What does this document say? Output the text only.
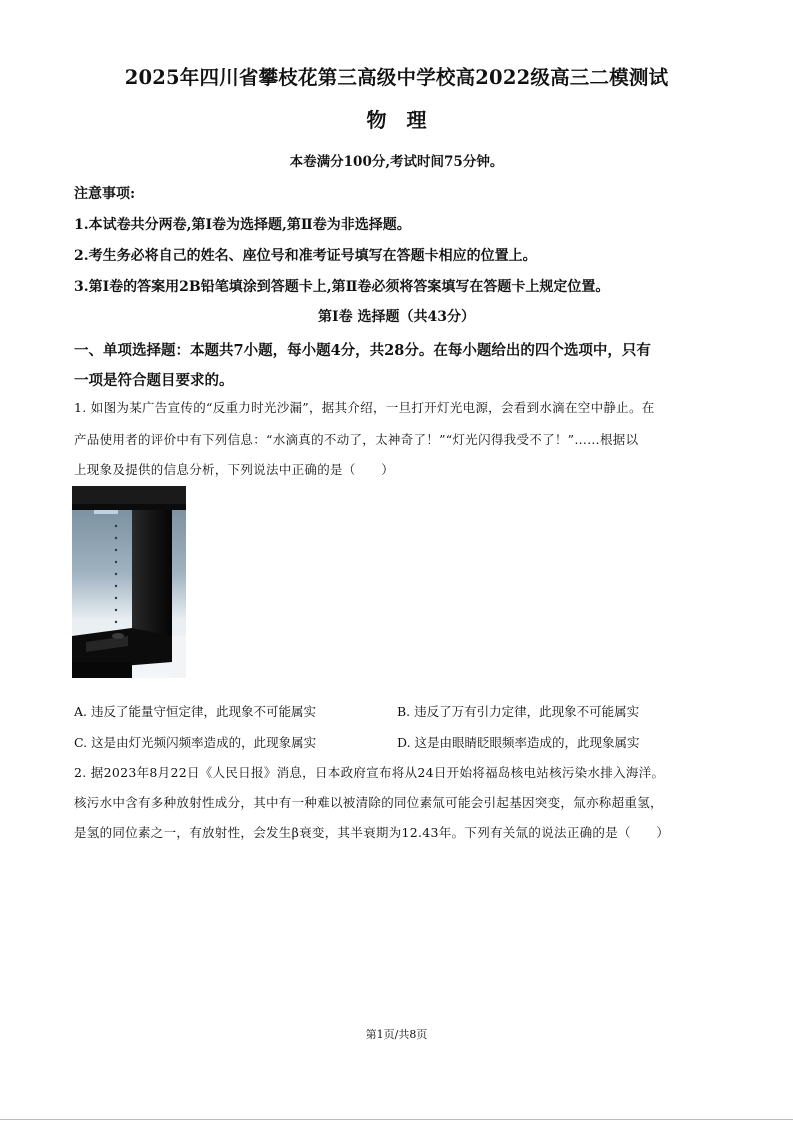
2025年四川省攀枝花第三高级中学校高2022级高三二模测试
物 理
本卷满分100分,考试时间75分钟。
注意事项:
1.本试卷共分两卷,第Ⅰ卷为选择题,第Ⅱ卷为非选择题。
2.考生务必将自己的姓名、座位号和准考证号填写在答题卡相应的位置上。
3.第Ⅰ卷的答案用2B铅笔填涂到答题卡上,第Ⅱ卷必须将答案填写在答题卡上规定位置。
第Ⅰ卷 选择题（共43分）
一、单项选择题：本题共7小题，每小题4分，共28分。在每小题给出的四个选项中，只有
一项是符合题目要求的。
1. 如图为某广告宣传的“反重力时光沙漏”，据其介绍，一旦打开灯光电源，会看到水滴在空中静止。在
产品使用者的评价中有下列信息：“水滴真的不动了，太神奇了！”“灯光闪得我受不了！”……根据以
上现象及提供的信息分析，下列说法中正确的是（　　）
A. 违反了能量守恒定律，此现象不可能属实	B. 违反了万有引力定律，此现象不可能属实
C. 这是由灯光频闪频率造成的，此现象属实	D. 这是由眼睛眨眼频率造成的，此现象属实
2. 据2023年8月22日《人民日报》消息，日本政府宣布将从24日开始将福岛核电站核污染水排入海洋。
核污水中含有多种放射性成分，其中有一种难以被清除的同位素氚可能会引起基因突变，氚亦称超重氢，
是氢的同位素之一，有放射性，会发生β衰变，其半衰期为12.43年。下列有关氚的说法正确的是（　　）
第1页/共8页
